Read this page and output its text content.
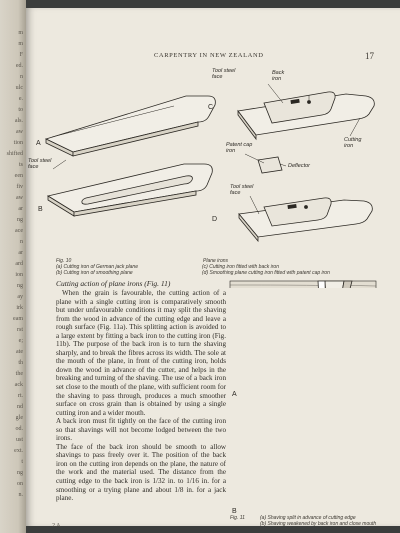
m
m
F
ed.
n
ulc
e.
to
als.
aw
tion
shifted
ts
een
fiv
aw
ar
ng
ace
n
ar
ard
ion
ng
ay
irk
eam
rst
e;
ate
th
the
ack
rt.
nd
gle
od.
ust
ext.
t
ng
on
n.
CARPENTRY IN NEW ZEALAND	17
Tool steel
face
Back
iron
Tool steel
face
Patent cap
iron
Deflector
Cutting
iron
Tool steel
face
A
B
C
D
Fig. 10	Plane irons
(a) Cutting iron of German jack plane
(b) Cutting iron of smoothing plane
(c) Cutting iron fitted with back iron
(d) Smoothing plane cutting iron fitted with patent cap iron
Cutting action of plane irons (Fig. 11)

When the grain is favourable, the cutting action of a plane with a single cutting iron is comparatively smooth but under unfavourable conditions it may split the shaving from the wood in advance of the cutting edge and leave a rough surface (Fig. 11a). This splitting action is avoided to a large extent by fitting a back iron to the cutting iron (Fig. 11b). The purpose of the back iron is to turn the shaving sharply, and to break the fibres across its width. The sole at the mouth of the plane, in front of the cutting iron, holds down the wood in advance of the cutter, and helps in the breaking and turning of the shaving. The use of a back iron set close to the mouth of the plane, with sufficient room for the shaving to pass through, produces a much smoother surface on cross grain than is obtained by using a single cutting iron and a wider mouth.

A back iron must fit tightly on the face of the cutting iron so that shavings will not become lodged between the two irons.

The face of the back iron should be smooth to allow shavings to pass freely over it. The position of the back iron on the cutting iron depends on the plane, the nature of the work and the material used. The distance from the cutting edge to the back iron is 1/32 in. to 1/16 in. for a smoothing or a trying plane and about 1/8 in. for a jack plane.

A
B
Fig. 11	(a) Shaving split in advance of cutting edge
(b) Shaving weakened by back iron and close mouth
2 A
